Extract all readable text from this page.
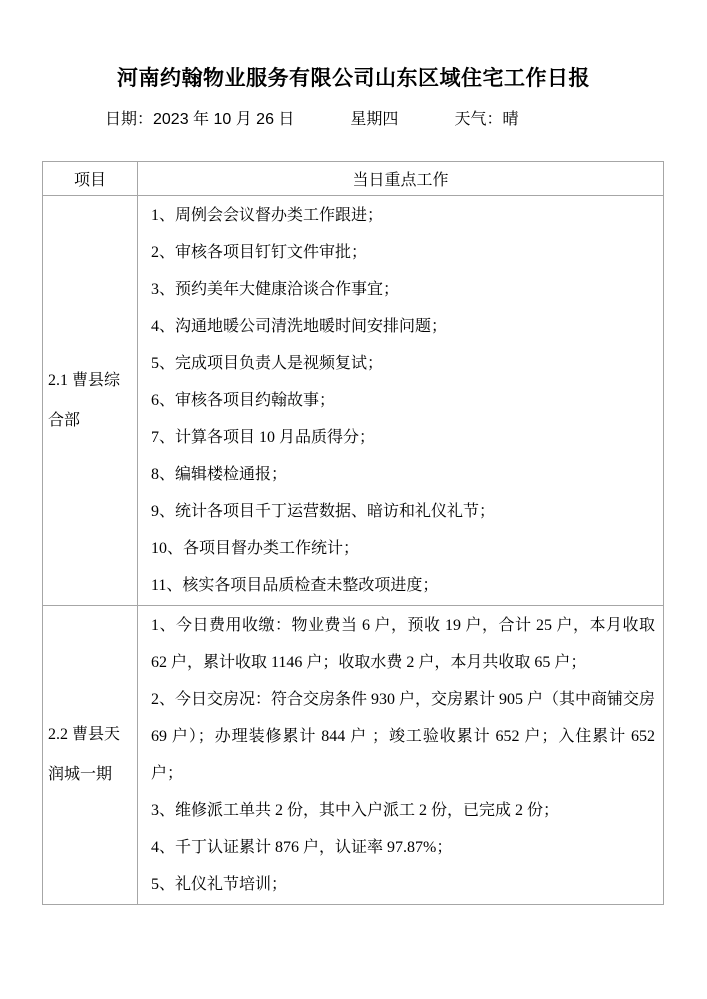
河南约翰物业服务有限公司山东区域住宅工作日报
日期：2023 年 10 月 26 日	星期四	天气：晴
项目	当日重点工作
2.1 曹县综合部	

1、周例会会议督办类工作跟进；

2、审核各项目钉钉文件审批；

3、预约美年大健康洽谈合作事宜；

4、沟通地暖公司清洗地暖时间安排问题；

5、完成项目负责人是视频复试；

6、审核各项目约翰故事；

7、计算各项目 10 月品质得分；

8、编辑楼检通报；

9、统计各项目千丁运营数据、暗访和礼仪礼节；

10、各项目督办类工作统计；

11、核实各项目品质检查未整改项进度；

2.2 曹县天润城一期	1、今日费用收缴：物业费当 6 户，预收 19 户，合计 25 户，本月收取 62 户，累计收取 1146 户；收取水费 2 户，本月共收取 65 户；

2、今日交房况：符合交房条件 930 户，交房累计 905 户（其中商铺交房 69 户）；办理装修累计 844 户 ；竣工验收累计 652 户；入住累计 652 户；

3、维修派工单共 2 份，其中入户派工 2 份，已完成 2 份；

4、千丁认证累计 876 户，认证率 97.87%；

5、礼仪礼节培训；
